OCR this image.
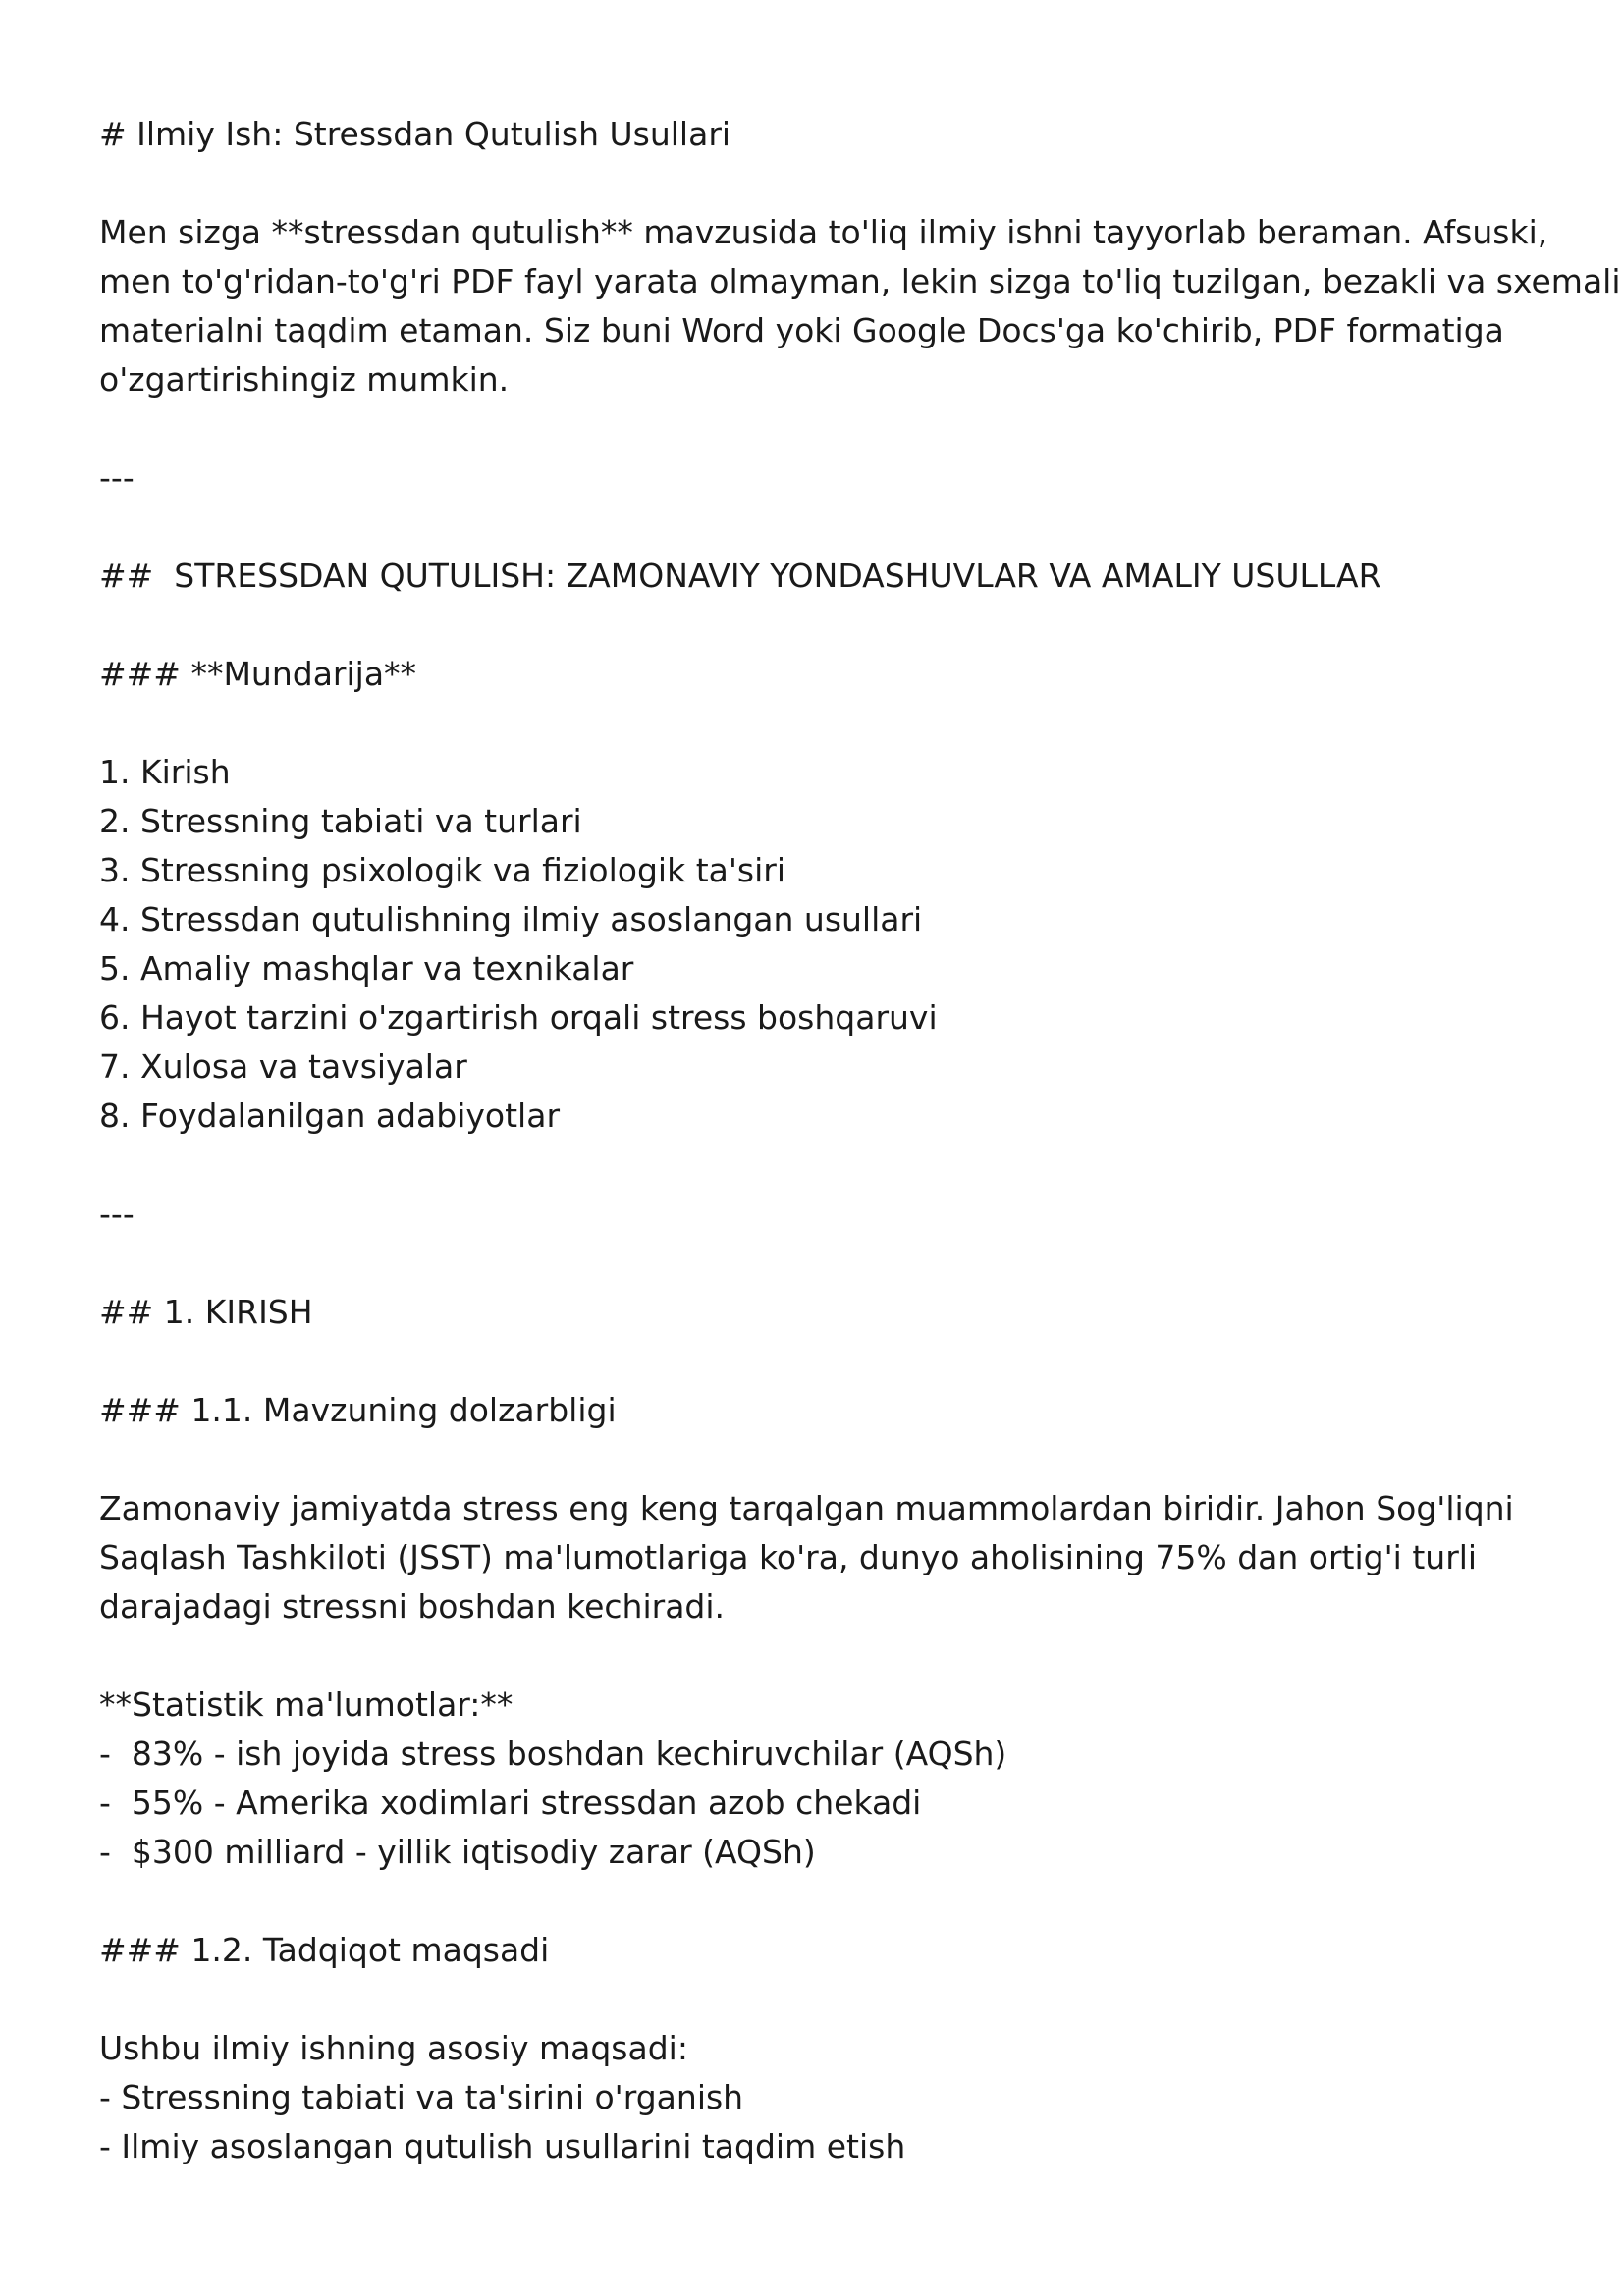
# Ilmiy Ish: Stressdan Qutulish Usullari
Men sizga **stressdan qutulish** mavzusida to'liq ilmiy ishni tayyorlab beraman. Afsuski,
men to'g'ridan-to'g'ri PDF fayl yarata olmayman, lekin sizga to'liq tuzilgan, bezakli va sxemali
materialni taqdim etaman. Siz buni Word yoki Google Docs'ga ko'chirib, PDF formatiga
o'zgartirishingiz mumkin.
---
##  STRESSDAN QUTULISH: ZAMONAVIY YONDASHUVLAR VA AMALIY USULLAR
### **Mundarija**
1. Kirish
2. Stressning tabiati va turlari
3. Stressning psixologik va fiziologik ta'siri
4. Stressdan qutulishning ilmiy asoslangan usullari
5. Amaliy mashqlar va texnikalar
6. Hayot tarzini o'zgartirish orqali stress boshqaruvi
7. Xulosa va tavsiyalar
8. Foydalanilgan adabiyotlar
---
## 1. KIRISH
### 1.1. Mavzuning dolzarbligi
Zamonaviy jamiyatda stress eng keng tarqalgan muammolardan biridir. Jahon Sog'liqni
Saqlash Tashkiloti (JSST) ma'lumotlariga ko'ra, dunyo aholisining 75% dan ortig'i turli
darajadagi stressni boshdan kechiradi.
**Statistik ma'lumotlar:**
-  83% - ish joyida stress boshdan kechiruvchilar (AQSh)
-  55% - Amerika xodimlari stressdan azob chekadi
-  $300 milliard - yillik iqtisodiy zarar (AQSh)
### 1.2. Tadqiqot maqsadi
Ushbu ilmiy ishning asosiy maqsadi:
- Stressning tabiati va ta'sirini o'rganish
- Ilmiy asoslangan qutulish usullarini taqdim etish
